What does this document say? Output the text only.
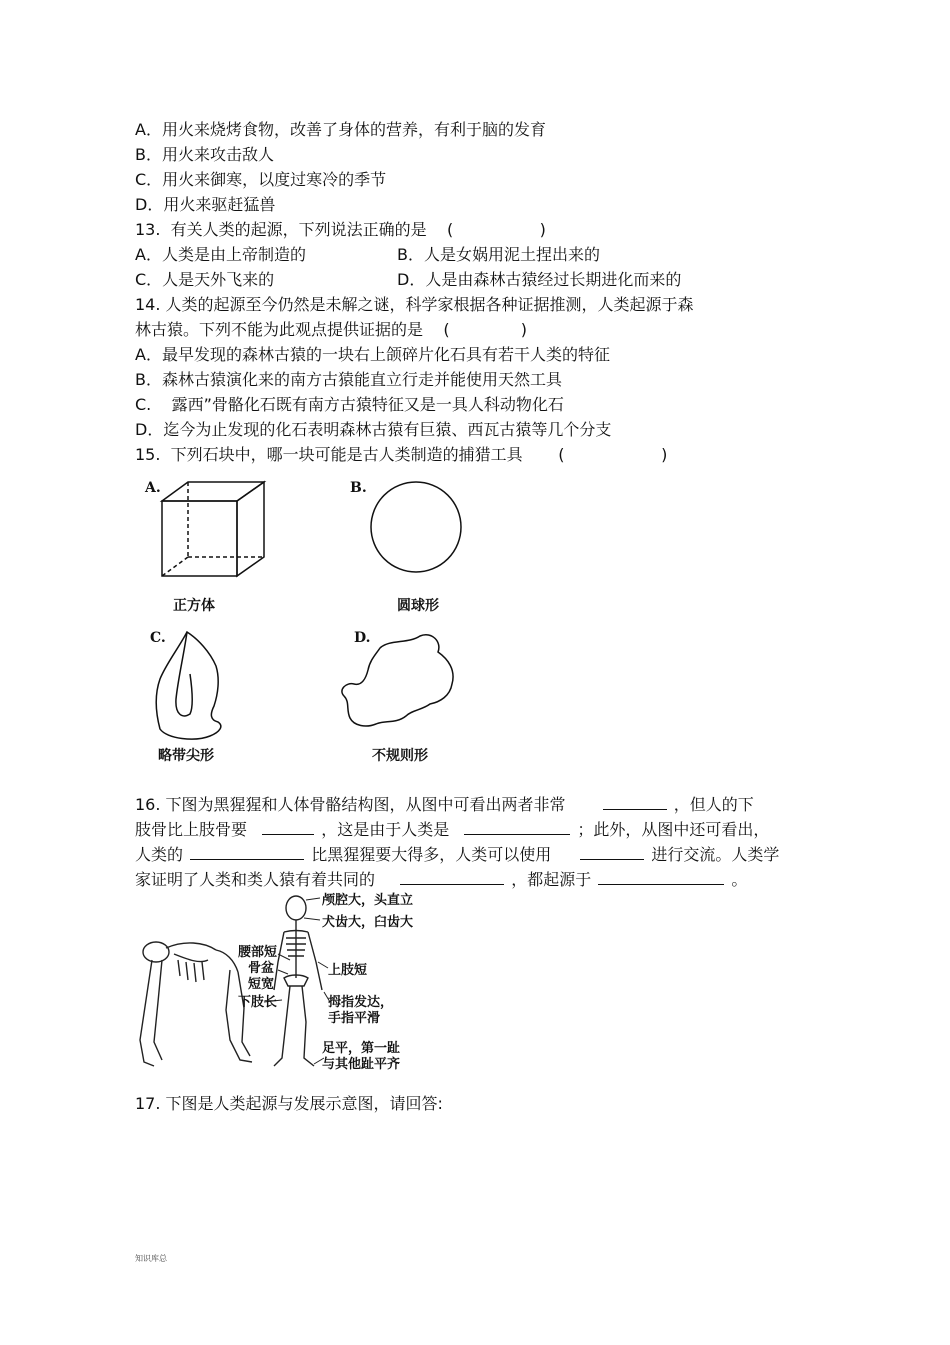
A．用火来烧烤食物，改善了身体的营养，有利于脑的发育
B．用火来攻击敌人
C．用火来御寒，以度过寒冷的季节
D．用火来驱赶猛兽
13.  有关人类的起源，下列说法正确的是    (                 )
A．人类是由上帝制造的	B．人是女娲用泥土捏出来的
C．人是天外飞来的	D．人是由森林古猿经过长期进化而来的
14. 人类的起源至今仍然是未解之谜，科学家根据各种证据推测，人类起源于森
林古猿。下列不能为此观点提供证据的是    (              )
A．最早发现的森林古猿的一块右上颌碎片化石具有若干人类的特征
B．森林古猿演化来的南方古猿能直立行走并能使用天然工具
C.    露西”骨骼化石既有南方古猿特征又是一具人科动物化石
D．迄今为止发现的化石表明森林古猿有巨猿、西瓦古猿等几个分支
15.  下列石块中，哪一块可能是古人类制造的捕猎工具       (                   )
A.
正方体
B.
圆球形
C.
略带尖形
D.
不规则形
16. 下图为黑猩猩和人体骨骼结构图，从图中可看出两者非常	，但人的下
肢骨比上肢骨要	，这是由于人类是	；此外，从图中还可看出，
人类的	比黑猩猩要大得多，人类可以使用	进行交流。人类学
家证明了人类和类人猿有着共同的	，都起源于	。
颅腔大，头直立
犬齿大，臼齿大
腰部短
骨盆
短宽
上肢短
下肢长	拇指发达，
手指平滑
足平，第一趾
与其他趾平齐
17. 下图是人类起源与发展示意图，请回答:
知识库总
